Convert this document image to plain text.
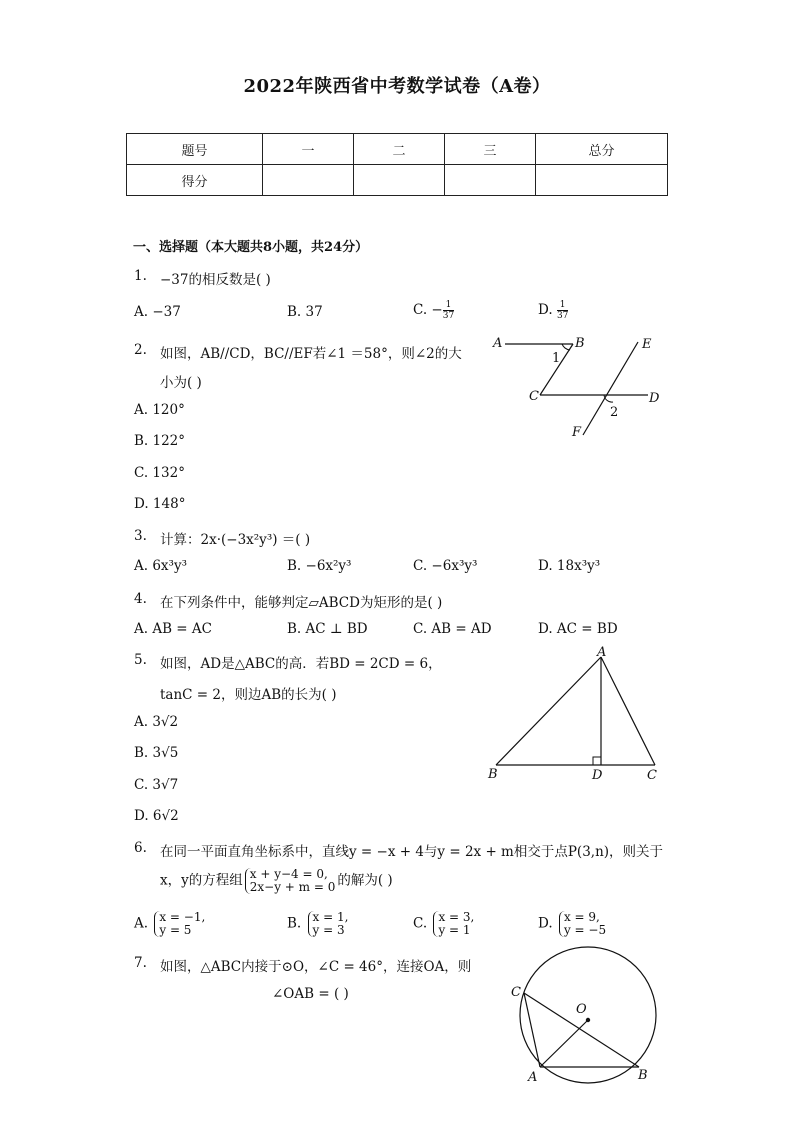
2022年陕西省中考数学试卷（A卷）
题号	一	二	三	总分
得分				
一、选择题（本大题共8小题，共24分）
1. −37的相反数是( )
A. −37	B. 37	C. − $\frac{1}{37}$	D. $\frac{1}{37}$
2. 如图，AB//CD，BC//EF若∠1 ＝58°，则∠2的大
小为( )
A. 120°
B. 122°
C. 132°
D. 148°
A	B	E
1
C	D
2
F
3. 计算：2x·(−3x²y³) ＝( )
A. 6x³y³	B. −6x²y³	C. −6x³y³	D. 18x³y³
4. 在下列条件中，能够判定▱ABCD为矩形的是( )
A. AB = AC	B. AC ⊥ BD	C. AB = AD	D. AC = BD
5. 如图，AD是△ABC的高．若BD = 2CD = 6，
tanC = 2，则边AB的长为( )
A. 3√2
B. 3√5
C. 3√7
D. 6√2
A
B	D	C
6. 在同一平面直角坐标系中，直线y = −x + 4与y = 2x + m相交于点P(3,n)，则关于
x，y的方程组 x + y−4 = 0,
2x−y + m = 0 的解为( )
A. x = −1,
y = 5	B. x = 1,
y = 3	C. x = 3,
y = 1	D. x = 9,
y = −5
7. 如图，△ABC内接于⊙O，∠C = 46°，连接OA，则
∠OAB = ( )	C
O
A	B
